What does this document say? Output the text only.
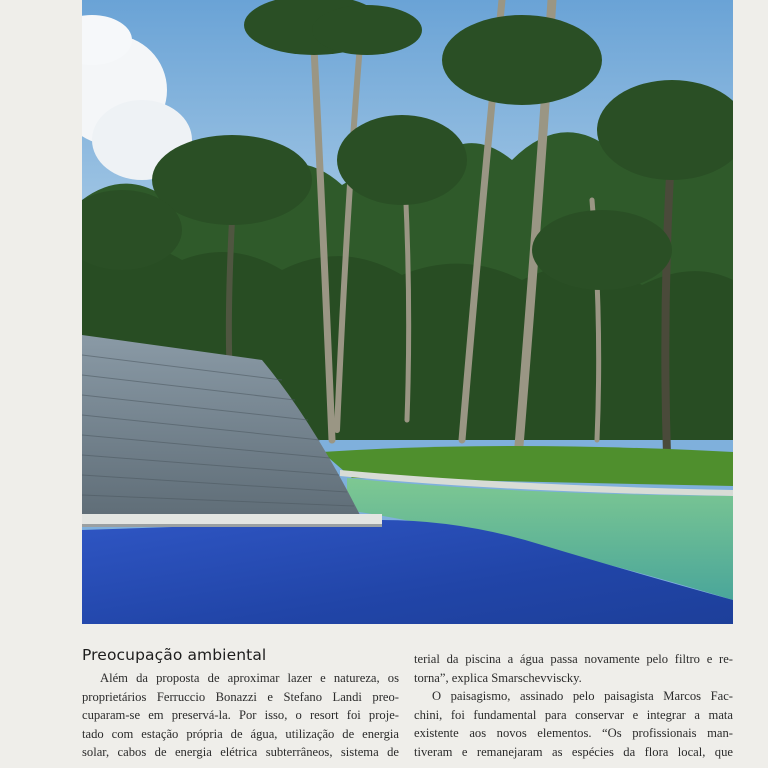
Preocupação ambiental
Além da proposta de aproximar lazer e natureza, os
proprietários Ferruccio Bonazzi e Stefano Landi preo-
cuparam-se em preservá-la. Por isso, o resort foi proje-
tado com estação própria de água, utilização de energia
solar, cabos de energia elétrica subterrâneos, sistema de
terial da piscina a água passa novamente pelo filtro e re-
torna”, explica Smarschevviscky.
O paisagismo, assinado pelo paisagista Marcos Fac-
chini, foi fundamental para conservar e integrar a mata
existente aos novos elementos. “Os profissionais man-
tiveram e remanejaram as espécies da flora local, que
